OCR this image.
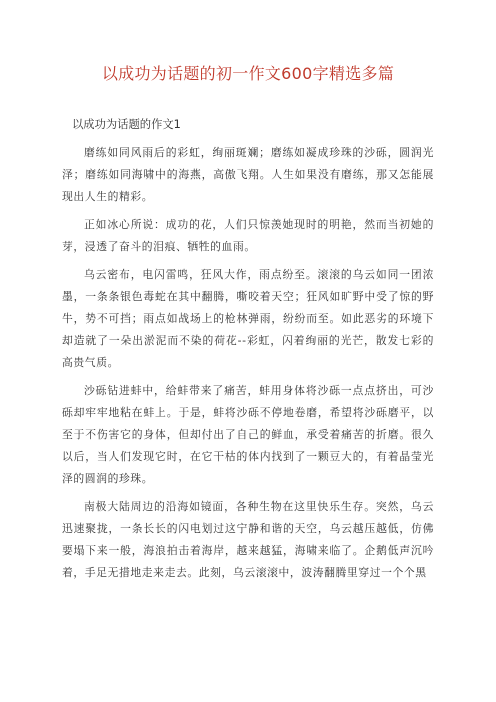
以成功为话题的初一作文600字精选多篇
以成功为话题的作文1

磨练如同风雨后的彩虹，绚丽斑斓；磨练如凝成珍珠的沙砾，圆润光泽；磨练如同海啸中的海燕，高傲飞翔。人生如果没有磨练，那又怎能展现出人生的精彩。

正如冰心所说：成功的花，人们只惊羡她现时的明艳，然而当初她的芽，浸透了奋斗的泪痕、牺牲的血雨。

乌云密布，电闪雷鸣，狂风大作，雨点纷至。滚滚的乌云如同一团浓墨，一条条银色毒蛇在其中翻腾，嘶咬着天空；狂风如旷野中受了惊的野牛，势不可挡；雨点如战场上的枪林弹雨，纷纷而至。如此恶劣的环境下却造就了一朵出淤泥而不染的荷花--彩虹，闪着绚丽的光芒，散发七彩的高贵气质。

沙砾钻进蚌中，给蚌带来了痛苦，蚌用身体将沙砾一点点挤出，可沙砾却牢牢地粘在蚌上。于是，蚌将沙砾不停地卷磨，希望将沙砾磨平，以至于不伤害它的身体，但却付出了自己的鲜血，承受着痛苦的折磨。很久以后，当人们发现它时，在它干枯的体内找到了一颗豆大的，有着晶莹光泽的圆润的珍珠。

南极大陆周边的沿海如镜面，各种生物在这里快乐生存。突然，乌云迅速聚拢，一条长长的闪电划过这宁静和谐的天空，乌云越压越低，仿佛要塌下来一般，海浪拍击着海岸，越来越猛，海啸来临了。企鹅低声沉吟着，手足无措地走来走去。此刻，乌云滚滚中，波涛翻腾里穿过一个个黑
